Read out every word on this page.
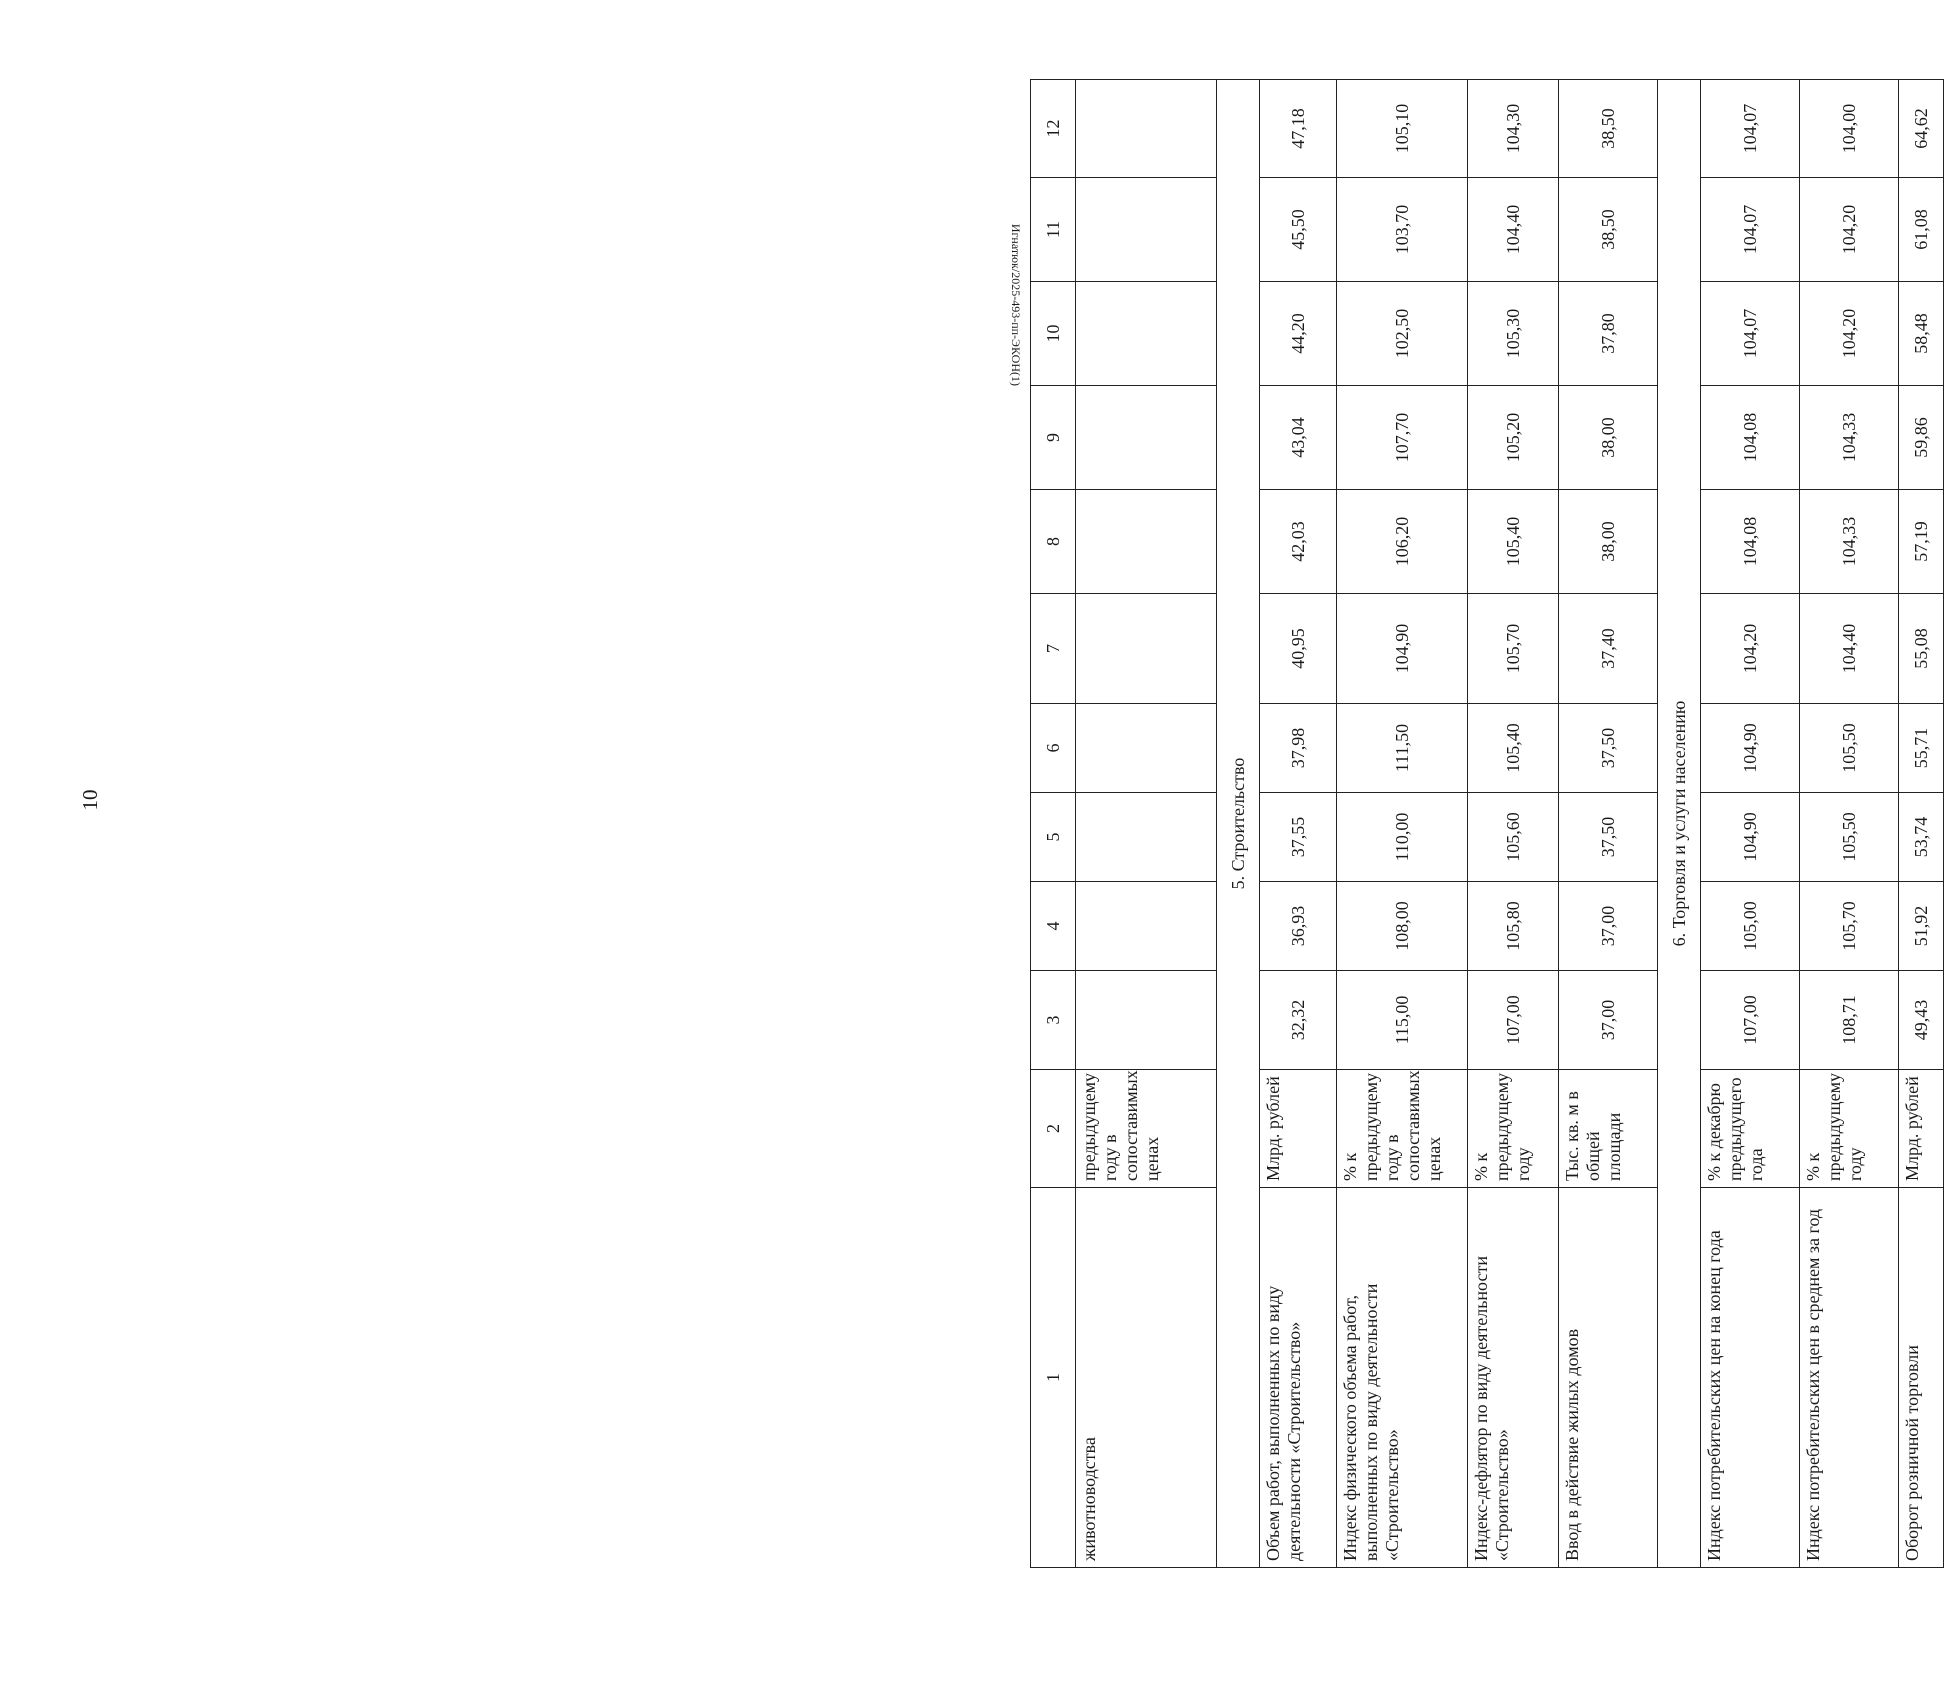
10
Игнатюк/2025-493-пп-ЭКОН(1)
1	2	3	4	5	6	7	8	9	10	11	12
животноводства	предыдущему году в сопоставимых ценах										
5. Строительство											
Объем работ, выполненных по виду деятельности «Строительство»	Млрд. рублей	32,32	36,93	37,55	37,98	40,95	42,03	43,04	44,20	45,50	47,18
Индекс физического объема работ, выполненных по виду деятельности «Строительство»	% к предыдущему году в сопоставимых ценах	115,00	108,00	110,00	111,50	104,90	106,20	107,70	102,50	103,70	105,10
Индекс-дефлятор по виду деятельности «Строительство»	% к предыдущему году	107,00	105,80	105,60	105,40	105,70	105,40	105,20	105,30	104,40	104,30
Ввод в действие жилых домов	Тыс. кв. м в общей площади	37,00	37,00	37,50	37,50	37,40	38,00	38,00	37,80	38,50	38,50
6. Торговля и услуги населению											
Индекс потребительских цен на конец года	% к декабрю предыдущего года	107,00	105,00	104,90	104,90	104,20	104,08	104,08	104,07	104,07	104,07
Индекс потребительских цен в среднем за год	% к предыдущему году	108,71	105,70	105,50	105,50	104,40	104,33	104,33	104,20	104,20	104,00
Оборот розничной торговли	Млрд. рублей	49,43	51,92	53,74	55,71	55,08	57,19	59,86	58,48	61,08	64,62
